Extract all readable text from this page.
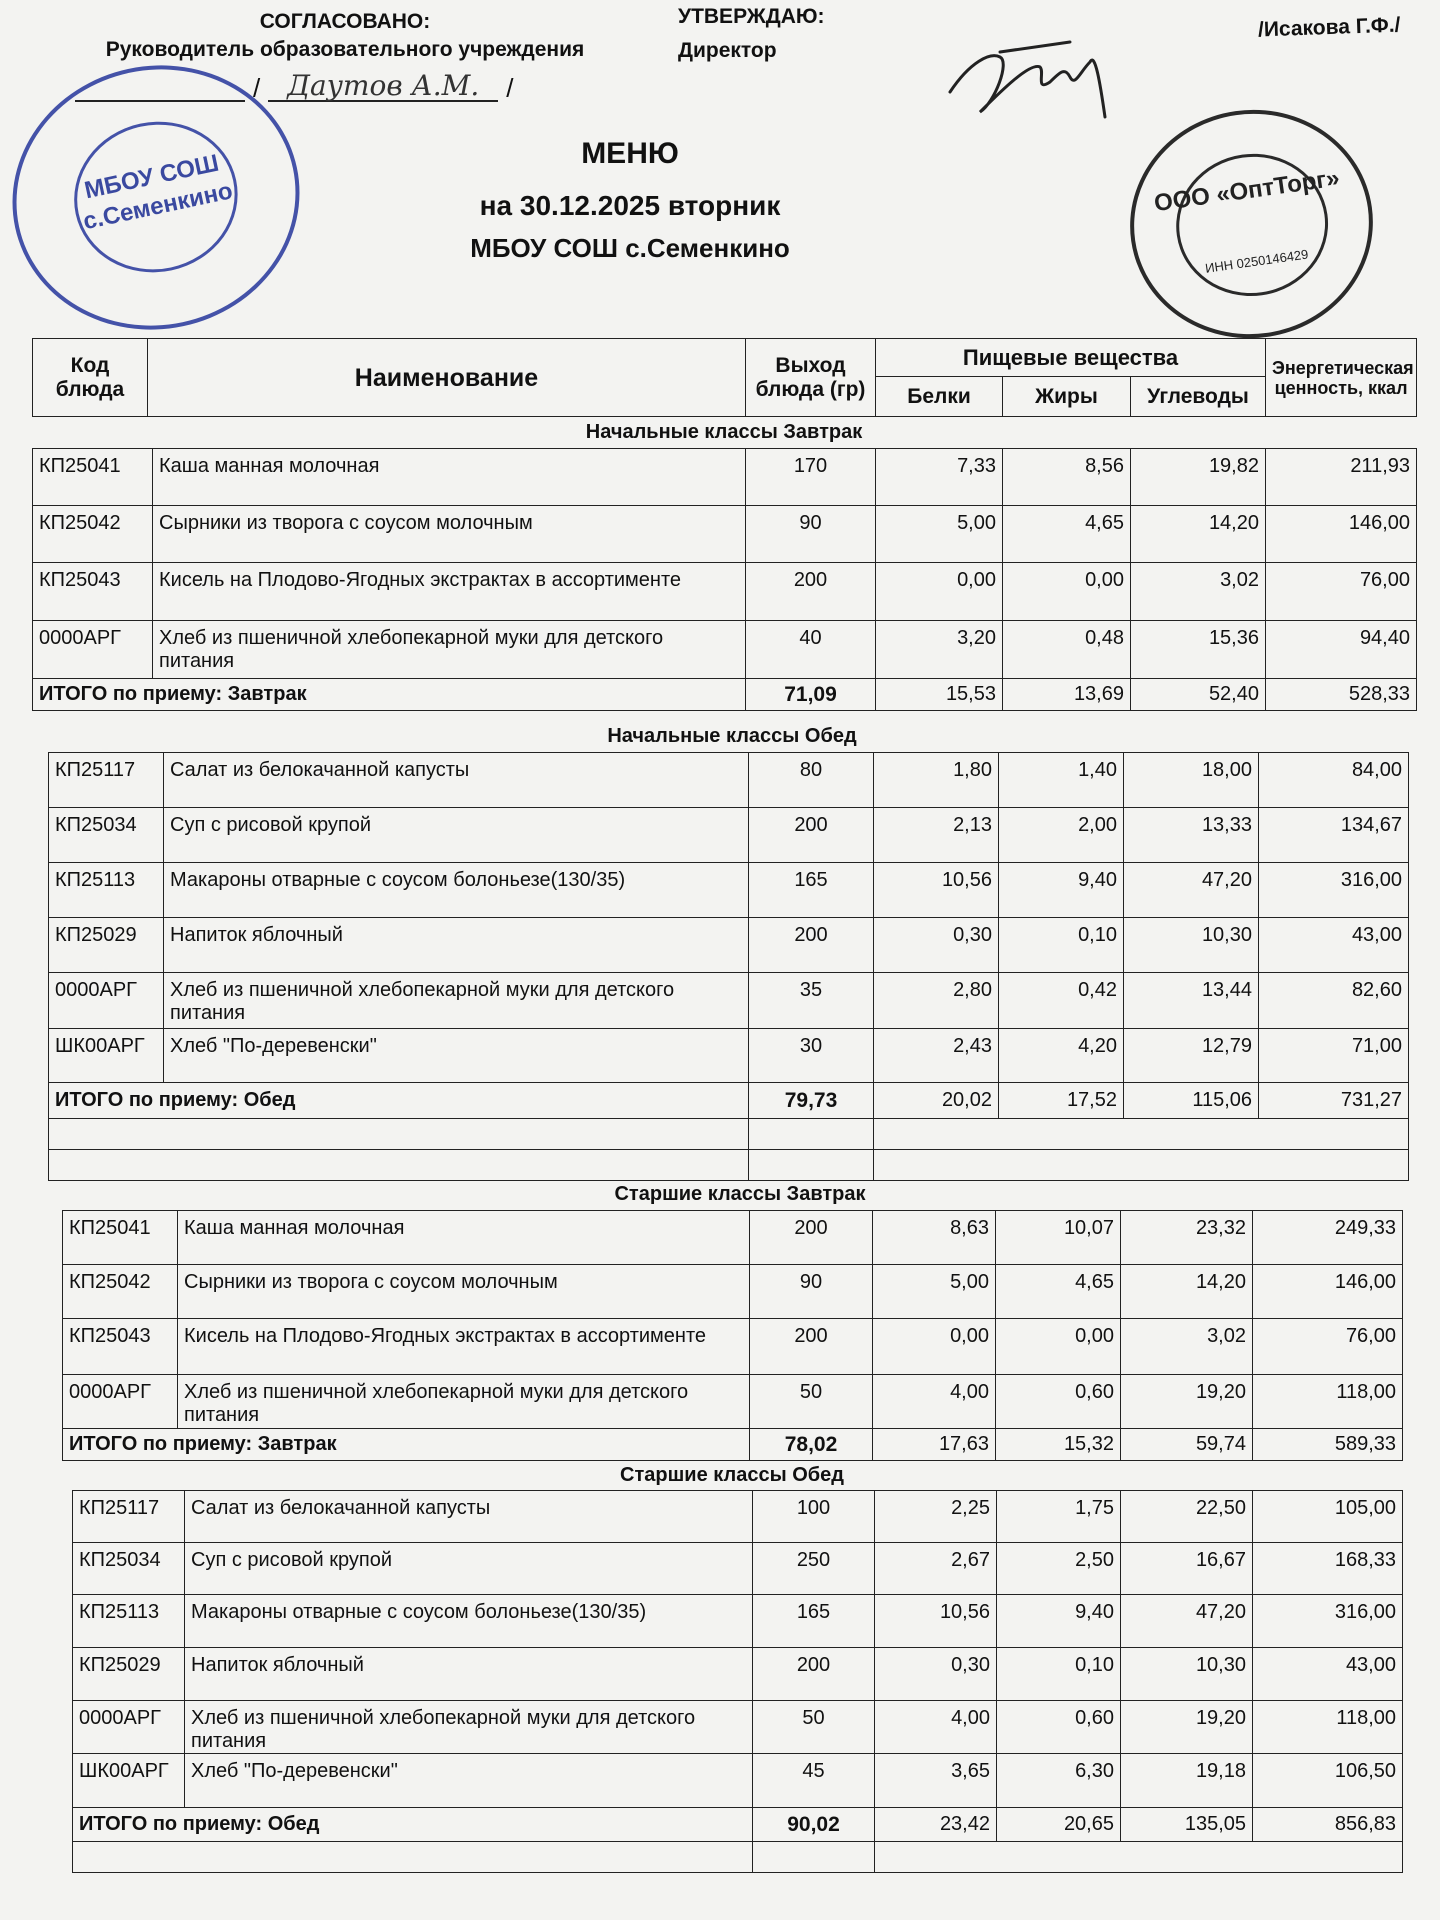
СОГЛАСОВАНО:
Руководитель образовательного учреждения
/ Даутов А.М.	/
МБОУ СОШ с.Семенкино
УТВЕРЖДАЮ:
Директор
/Исакова Г.Ф./
ООО «ОптТорг»
ИНН 0250146429
МЕНЮ
на 30.12.2025 вторник
МБОУ СОШ с.Семенкино
Код блюда	Наименование	Выход блюда (гр)	Пищевые вещества			Энергетическая ценность, ккал
			Белки	Жиры	Углеводы	
Начальные классы Завтрак
КП25041	Каша манная молочная	170	7,33	8,56	19,82	211,93
КП25042	Сырники из творога с соусом молочным	90	5,00	4,65	14,20	146,00
КП25043	Кисель на Плодово-Ягодных экстрактах в ассортименте	200	0,00	0,00	3,02	76,00
0000АРГ	Хлеб из пшеничной хлебопекарной муки для детского питания	40	3,20	0,48	15,36	94,40
ИТОГО по приему: Завтрак		71,09	15,53	13,69	52,40	528,33
Начальные классы Обед
КП25117	Салат из белокачанной капусты	80	1,80	1,40	18,00	84,00
КП25034	Суп с рисовой крупой	200	2,13	2,00	13,33	134,67
КП25113	Макароны отварные с соусом болоньезе(130/35)	165	10,56	9,40	47,20	316,00
КП25029	Напиток яблочный	200	0,30	0,10	10,30	43,00
0000АРГ	Хлеб из пшеничной хлебопекарной муки для детского питания	35	2,80	0,42	13,44	82,60
ШК00АРГ	Хлеб "По-деревенски"	30	2,43	4,20	12,79	71,00
ИТОГО по приему: Обед		79,73	20,02	17,52	115,06	731,27

Старшие классы Завтрак
КП25041	Каша манная молочная	200	8,63	10,07	23,32	249,33
КП25042	Сырники из творога с соусом молочным	90	5,00	4,65	14,20	146,00
КП25043	Кисель на Плодово-Ягодных экстрактах в ассортименте	200	0,00	0,00	3,02	76,00
0000АРГ	Хлеб из пшеничной хлебопекарной муки для детского питания	50	4,00	0,60	19,20	118,00
ИТОГО по приему: Завтрак		78,02	17,63	15,32	59,74	589,33
Старшие классы Обед
КП25117	Салат из белокачанной капусты	100	2,25	1,75	22,50	105,00
КП25034	Суп с рисовой крупой	250	2,67	2,50	16,67	168,33
КП25113	Макароны отварные с соусом болоньезе(130/35)	165	10,56	9,40	47,20	316,00
КП25029	Напиток яблочный	200	0,30	0,10	10,30	43,00
0000АРГ	Хлеб из пшеничной хлебопекарной муки для детского питания	50	4,00	0,60	19,20	118,00
ШК00АРГ	Хлеб "По-деревенски"	45	3,65	6,30	19,18	106,50
ИТОГО по приему: Обед		90,02	23,42	20,65	135,05	856,83
